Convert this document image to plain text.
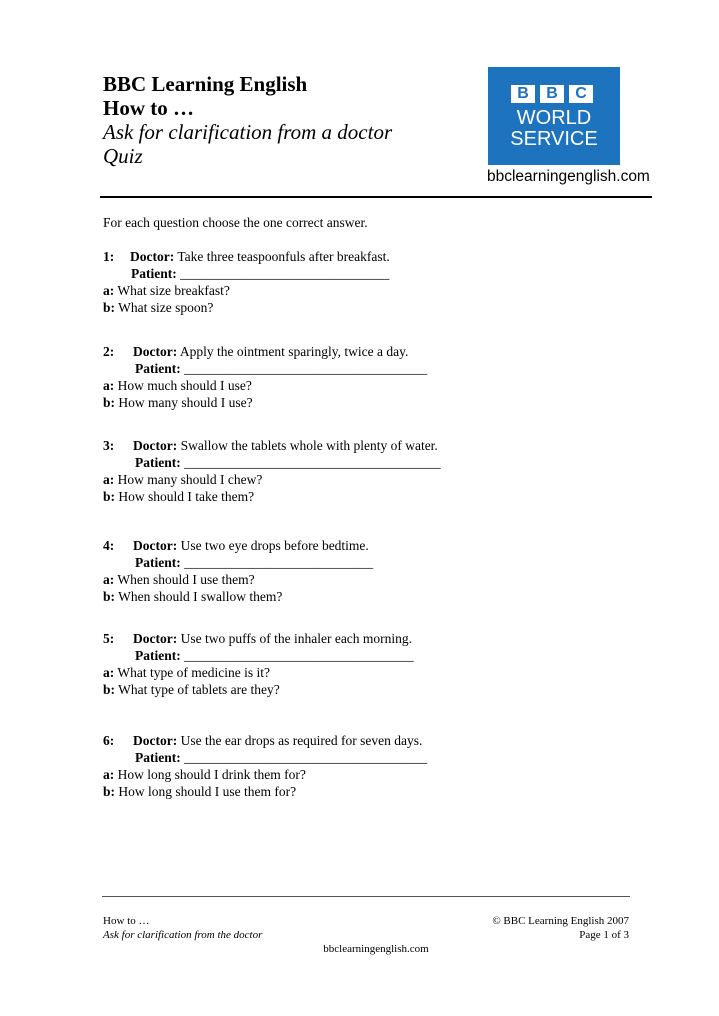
BBC Learning English
How to …
Ask for clarification from a doctor
Quiz
B	B	C
WORLD
SERVICE
bbclearningenglish.com
For each question choose the one correct answer.
1: Doctor: Take three teaspoonfuls after breakfast.
Patient: _______________________________
a: What size breakfast?
b: What size spoon?
2: Doctor: Apply the ointment sparingly, twice a day.
Patient: ____________________________________
a: How much should I use?
b: How many should I use?
3: Doctor: Swallow the tablets whole with plenty of water.
Patient: ______________________________________
a: How many should I chew?
b: How should I take them?
4: Doctor: Use two eye drops before bedtime.
Patient: ____________________________
a: When should I use them?
b: When should I swallow them?
5: Doctor: Use two puffs of the inhaler each morning.
Patient: __________________________________
a: What type of medicine is it?
b: What type of tablets are they?
6: Doctor: Use the ear drops as required for seven days.
Patient: ____________________________________
a: How long should I drink them for?
b: How long should I use them for?
How to …
Ask for clarification from the doctor
© BBC Learning English 2007
Page 1 of 3
bbclearningenglish.com
